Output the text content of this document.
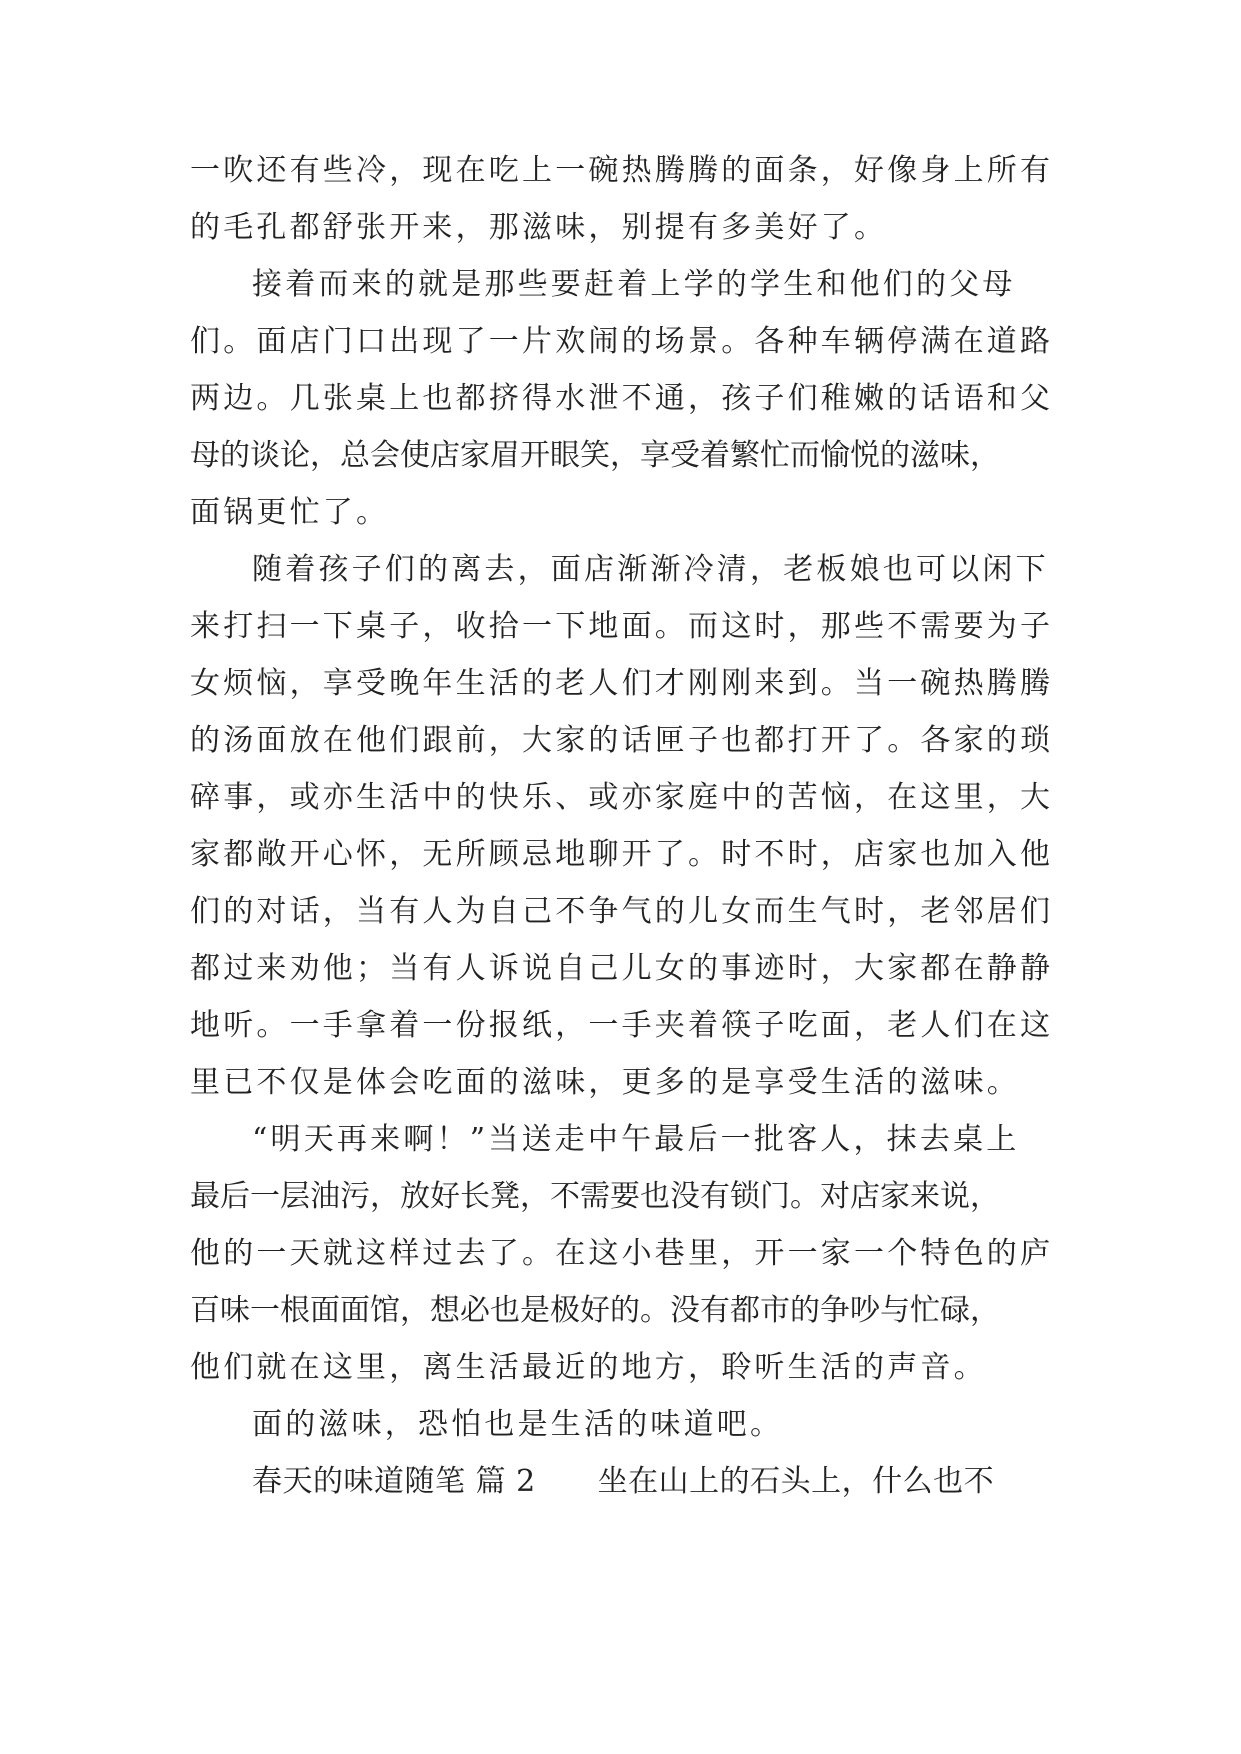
一吹还有些冷，现在吃上一碗热腾腾的面条，好像身上所有
的毛孔都舒张开来，那滋味，别提有多美好了。
接着而来的就是那些要赶着上学的学生和他们的父母
们。面店门口出现了一片欢闹的场景。各种车辆停满在道路
两边。几张桌上也都挤得水泄不通，孩子们稚嫩的话语和父
母的谈论，总会使店家眉开眼笑，享受着繁忙而愉悦的滋味，
面锅更忙了。
随着孩子们的离去，面店渐渐冷清，老板娘也可以闲下
来打扫一下桌子，收拾一下地面。而这时，那些不需要为子
女烦恼，享受晚年生活的老人们才刚刚来到。当一碗热腾腾
的汤面放在他们跟前，大家的话匣子也都打开了。各家的琐
碎事，或亦生活中的快乐、或亦家庭中的苦恼，在这里，大
家都敞开心怀，无所顾忌地聊开了。时不时，店家也加入他
们的对话，当有人为自己不争气的儿女而生气时，老邻居们
都过来劝他；当有人诉说自己儿女的事迹时，大家都在静静
地听。一手拿着一份报纸，一手夹着筷子吃面，老人们在这
里已不仅是体会吃面的滋味，更多的是享受生活的滋味。
“明天再来啊！”当送走中午最后一批客人，抹去桌上
最后一层油污，放好长凳，不需要也没有锁门。对店家来说，
他的一天就这样过去了。在这小巷里，开一家一个特色的庐
百味一根面面馆，想必也是极好的。没有都市的争吵与忙碌，
他们就在这里，离生活最近的地方，聆听生活的声音。
面的滋味，恐怕也是生活的味道吧。
春天的味道随笔 篇 2 坐在山上的石头上，什么也不
